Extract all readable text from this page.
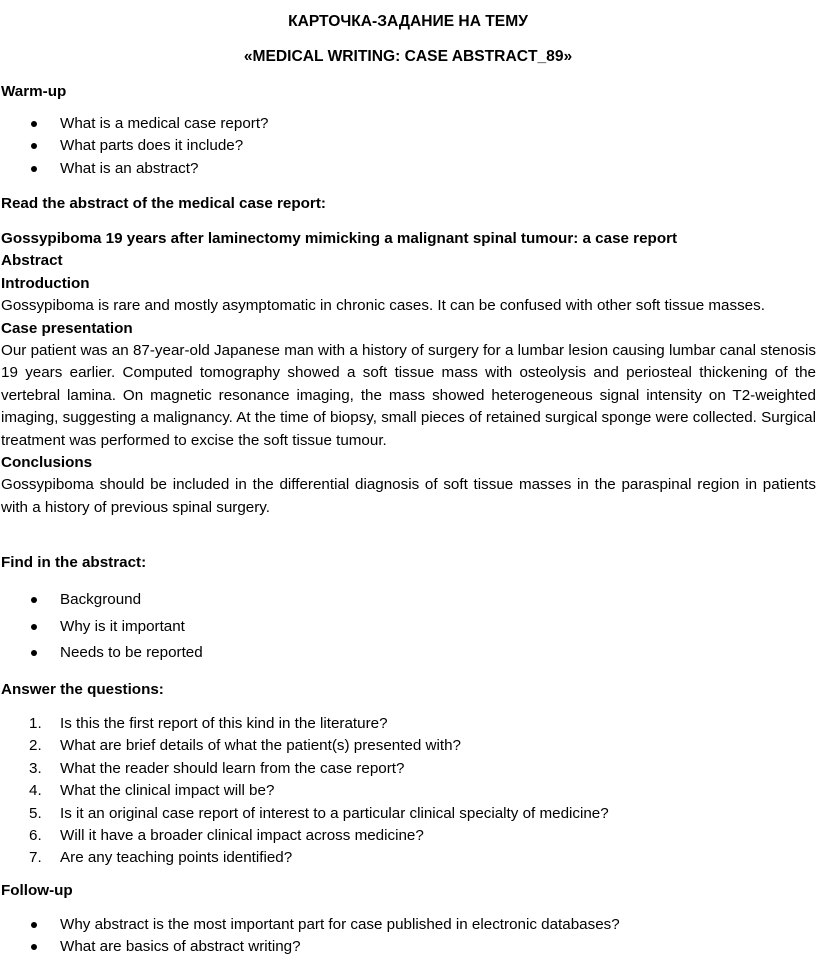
КАРТОЧКА-ЗАДАНИЕ НА ТЕМУ
«MEDICAL WRITING: CASE ABSTRACT_89»
Warm-up
What is a medical case report?
What parts does it include?
What is an abstract?
Read the abstract of the medical case report:

Gossypiboma 19 years after laminectomy mimicking a malignant spinal tumour: a case report

Abstract

Introduction

Gossypiboma is rare and mostly asymptomatic in chronic cases. It can be confused with other soft tissue masses.

Case presentation

Our patient was an 87-year-old Japanese man with a history of surgery for a lumbar lesion causing lumbar canal stenosis 19 years earlier. Computed tomography showed a soft tissue mass with osteolysis and periosteal thickening of the vertebral lamina. On magnetic resonance imaging, the mass showed heterogeneous signal intensity on T2-weighted imaging, suggesting a malignancy. At the time of biopsy, small pieces of retained surgical sponge were collected. Surgical treatment was performed to excise the soft tissue tumour.

Conclusions

Gossypiboma should be included in the differential diagnosis of soft tissue masses in the paraspinal region in patients with a history of previous spinal surgery.

Find in the abstract:
Background
Why is it important
Needs to be reported
Answer the questions:
1. Is this the first report of this kind in the literature?
2. What are brief details of what the patient(s) presented with?
3. What the reader should learn from the case report?
4. What the clinical impact will be?
5. Is it an original case report of interest to a particular clinical specialty of medicine?
6. Will it have a broader clinical impact across medicine?
7. Are any teaching points identified?
Follow-up
Why abstract is the most important part for case published in electronic databases?
What are basics of abstract writing?
